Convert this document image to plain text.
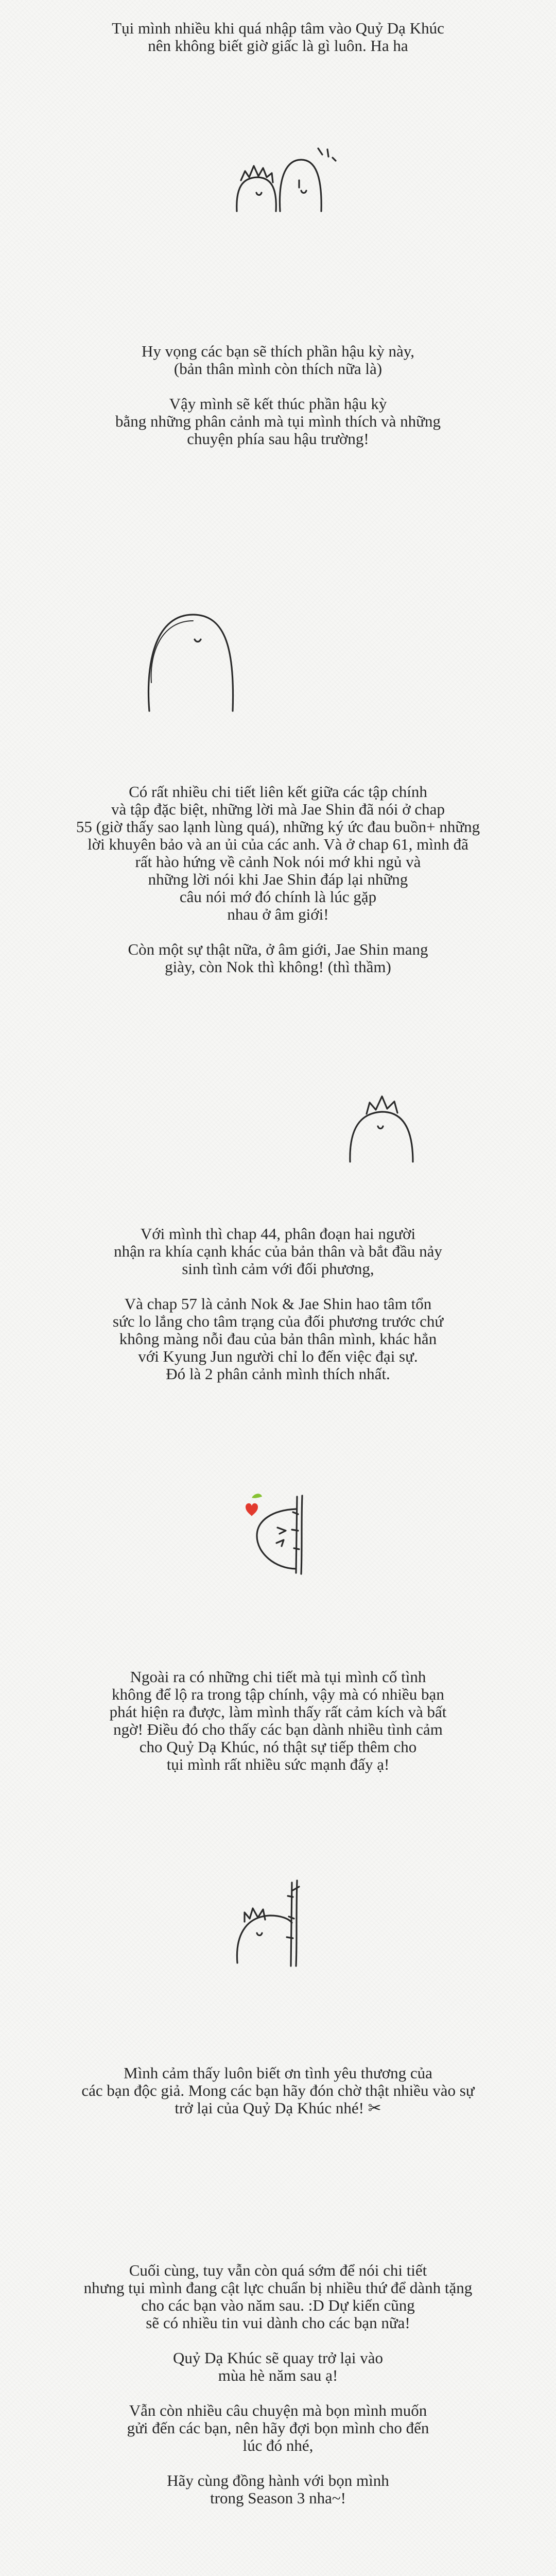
Tụi mình nhiều khi quá nhập tâm vào Quỷ Dạ Khúc
nên không biết giờ giấc là gì luôn. Ha ha

Hy vọng các bạn sẽ thích phần hậu kỳ này,
(bản thân mình còn thích nữa là)

Vậy mình sẽ kết thúc phần hậu kỳ
bằng những phân cảnh mà tụi mình thích và những
chuyện phía sau hậu trường!

Có rất nhiều chi tiết liên kết giữa các tập chính
và tập đặc biệt, những lời mà Jae Shin đã nói ở chap
55 (giờ thấy sao lạnh lùng quá), những ký ức đau buồn+ những
lời khuyên bảo và an ủi của các anh. Và ở chap 61, mình đã
rất hào hứng về cảnh Nok nói mớ khi ngủ và
những lời nói khi Jae Shin đáp lại những
câu nói mớ đó chính là lúc gặp
nhau ở âm giới!

Còn một sự thật nữa, ở âm giới, Jae Shin mang
giày, còn Nok thì không! (thì thầm)

Với mình thì chap 44, phân đoạn hai người
nhận ra khía cạnh khác của bản thân và bắt đầu nảy
sinh tình cảm với đối phương,

Và chap 57 là cảnh Nok & Jae Shin hao tâm tổn
sức lo lắng cho tâm trạng của đối phương trước chứ
không màng nỗi đau của bản thân mình, khác hẳn
với Kyung Jun người chỉ lo đến việc đại sự.
Đó là 2 phân cảnh mình thích nhất.

Ngoài ra có những chi tiết mà tụi mình cố tình
không để lộ ra trong tập chính, vậy mà có nhiều bạn
phát hiện ra được, làm mình thấy rất cảm kích và bất
ngờ! Điều đó cho thấy các bạn dành nhiều tình cảm
cho Quỷ Dạ Khúc, nó thật sự tiếp thêm cho
tụi mình rất nhiều sức mạnh đấy ạ!

Mình cảm thấy luôn biết ơn tình yêu thương của
các bạn độc giả. Mong các bạn hãy đón chờ thật nhiều vào sự
trở lại của Quỷ Dạ Khúc nhé! ✂

Cuối cùng, tuy vẫn còn quá sớm để nói chi tiết
nhưng tụi mình đang cật lực chuẩn bị nhiều thứ để dành tặng
cho các bạn vào năm sau. :D Dự kiến cũng
sẽ có nhiều tin vui dành cho các bạn nữa!

Quỷ Dạ Khúc sẽ quay trở lại vào
mùa hè năm sau ạ!

Vẫn còn nhiều câu chuyện mà bọn mình muốn
gửi đến các bạn, nên hãy đợi bọn mình cho đến
lúc đó nhé,

Hãy cùng đồng hành với bọn mình
trong Season 3 nha~!
